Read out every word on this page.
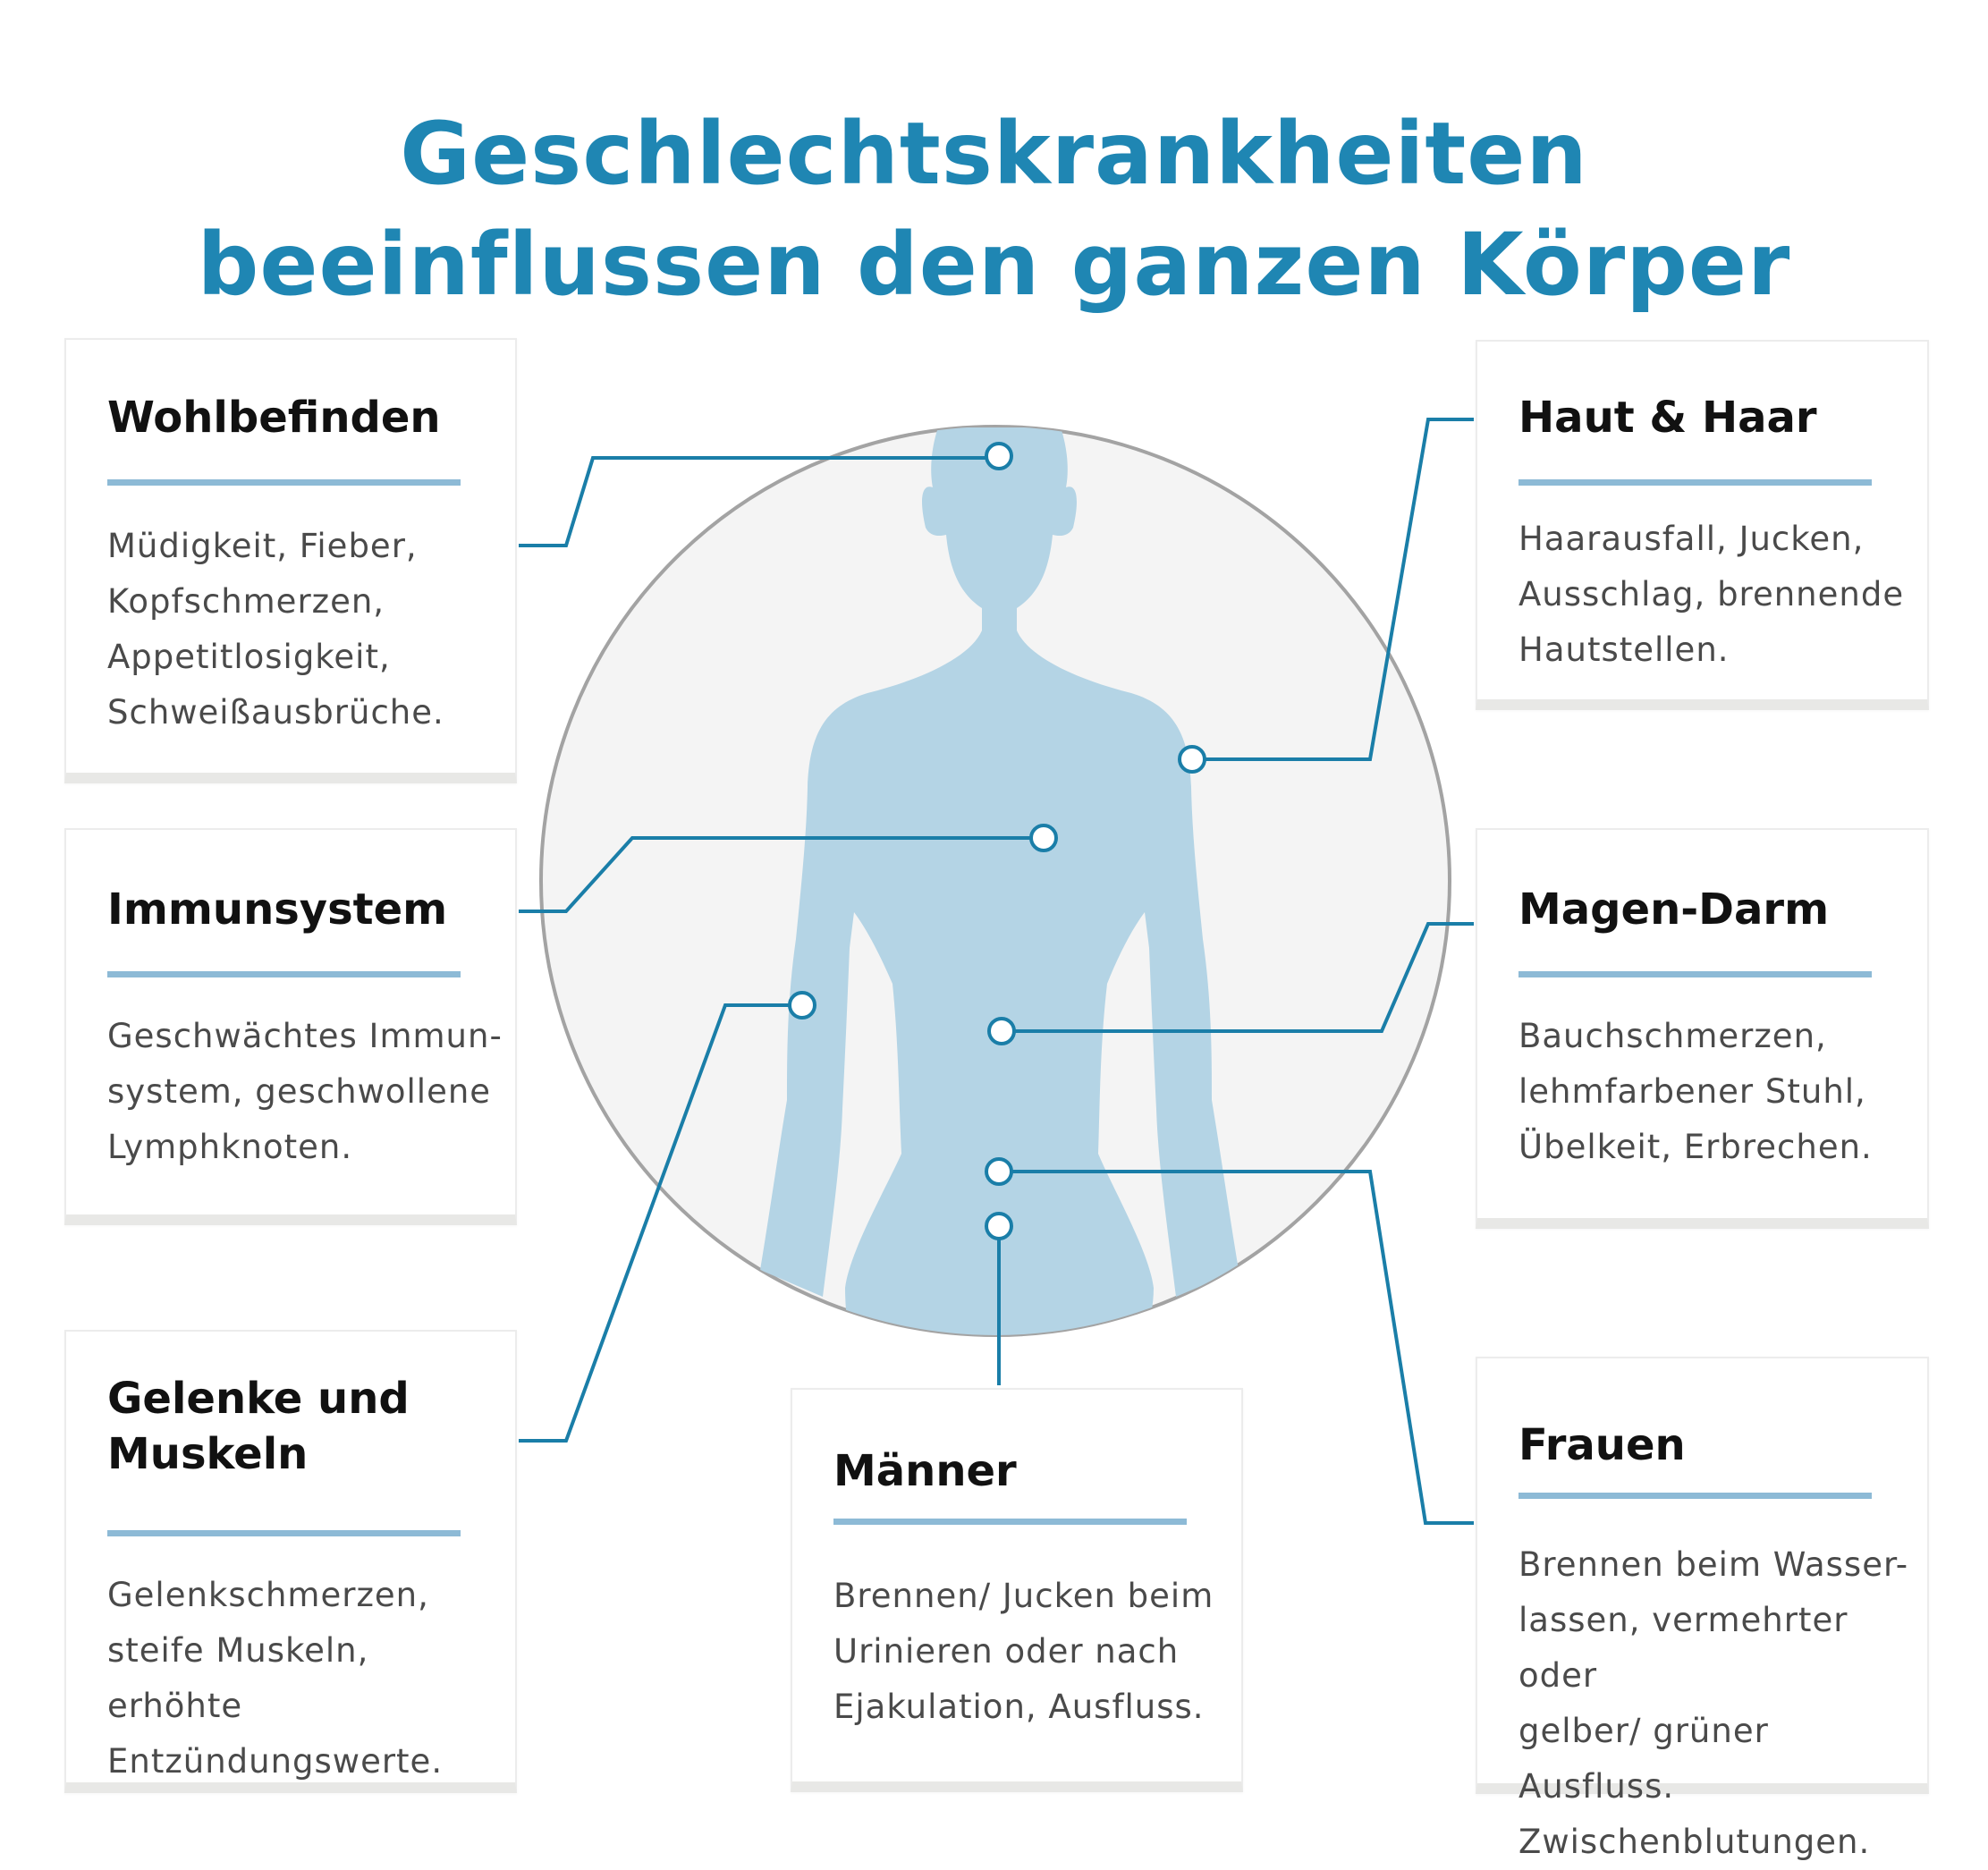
Geschlechtskrankheiten
beeinflussen den ganzen Körper
Wohlbefinden

Müdigkeit, Fieber,
Kopfschmerzen,
Appetitlosigkeit,
Schweißausbrüche.

Immunsystem

Geschwächtes Immun-
system, geschwollene
Lymphknoten.

Gelenke und
Muskeln

Gelenkschmerzen,
steife Muskeln, erhöhte
Entzündungswerte.

Männer

Brennen/ Jucken beim
Urinieren oder nach
Ejakulation, Ausfluss.

Haut & Haar

Haarausfall, Jucken,
Ausschlag, brennende
Hautstellen.

Magen-Darm

Bauchschmerzen,
lehmfarbener Stuhl,
Übelkeit, Erbrechen.

Frauen

Brennen beim Wasser-
lassen, vermehrter oder
gelber/ grüner Ausfluss.
Zwischenblutungen.
